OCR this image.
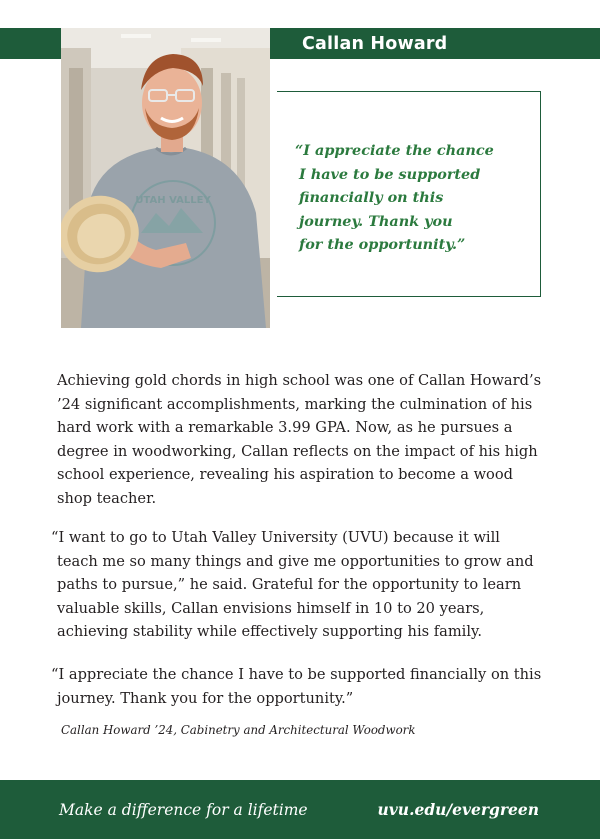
Callan Howard
UTAH VALLEY
“I appreciate the chance
I have to be supported
financially on this
journey. Thank you
for the opportunity.”

Achieving gold chords in high school was one of Callan Howard’s ’24 significant accomplishments, marking the culmination of his hard work with a remarkable 3.99 GPA. Now, as he pursues a degree in woodworking, Callan reflects on the impact of his high school experience, revealing his aspiration to become a wood shop teacher.

“I want to go to Utah Valley University (UVU) because it will teach me so many things and give me opportunities to grow and paths to pursue,” he said. Grateful for the opportunity to learn valuable skills, Callan envisions himself in 10 to 20 years, achieving stability while effectively supporting his family.

“I appreciate the chance I have to be supported financially on this journey. Thank you for the opportunity.”

Callan Howard ’24, Cabinetry and Architectural Woodwork
Make a difference for a lifetime	uvu.edu/evergreen
